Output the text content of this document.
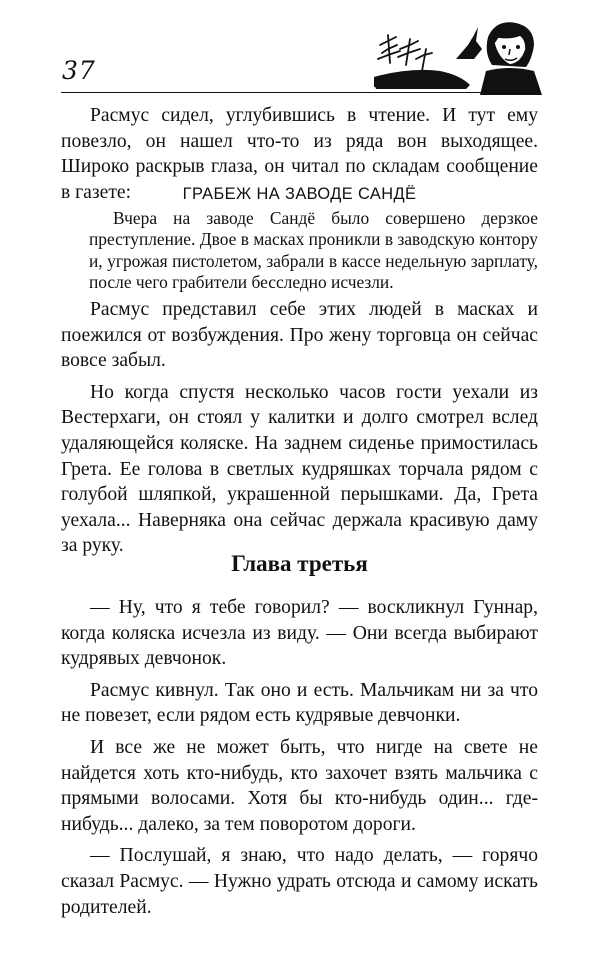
37

Расмус сидел, углубившись в чтение. И тут ему повезло, он нашел что-то из ряда вон выходящее. Широко раскрыв глаза, он читал по складам сообщение в газете:	ГРАБЕЖ НА ЗАВОДЕ САНДЁ

Вчера на заводе Сандё было совершено дерзкое преступление. Двое в масках проникли в заводскую контору и, угрожая пистолетом, забрали в кассе недельную зарплату, после чего грабители бесследно исчезли.

Расмус представил себе этих людей в масках и поежился от возбуждения. Про жену торговца он сейчас вовсе забыл.

Но когда спустя несколько часов гости уехали из Вестерхаги, он стоял у калитки и долго смотрел вслед удаляющейся коляске. На заднем сиденье примостилась Грета. Ее голова в светлых кудряшках торчала рядом с голубой шляпкой, украшенной перышками. Да, Грета уехала... Наверняка она сейчас держала красивую даму за руку.

Глава третья

— Ну, что я тебе говорил? — воскликнул Гуннар, когда коляска исчезла из виду. — Они всегда выбирают кудрявых девчонок.

Расмус кивнул. Так оно и есть. Мальчикам ни за что не повезет, если рядом есть кудрявые девчонки.

И все же не может быть, что нигде на свете не найдется хоть кто-нибудь, кто захочет взять мальчика с прямыми волосами. Хотя бы кто-нибудь один... где-нибудь... далеко, за тем поворотом дороги.

— Послушай, я знаю, что надо делать, — горячо сказал Расмус. — Нужно удрать отсюда и самому искать родителей.
